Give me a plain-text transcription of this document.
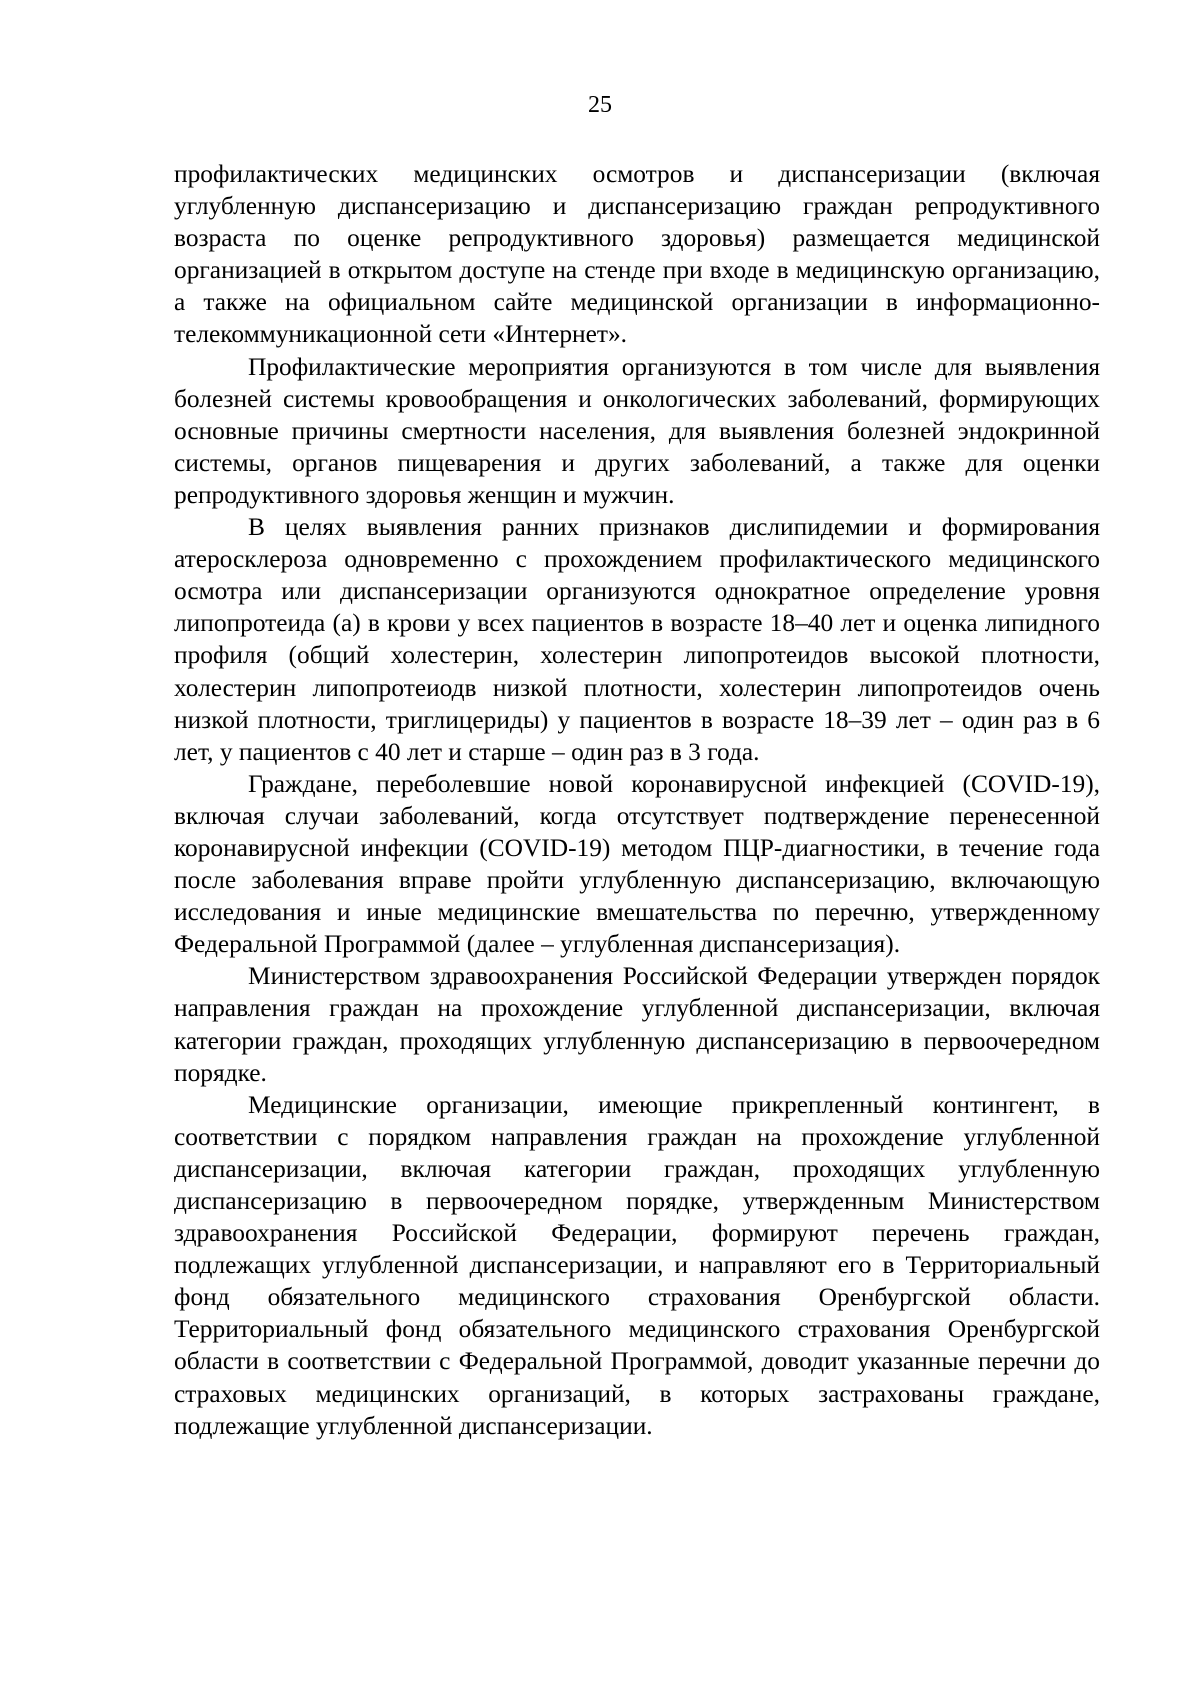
25

профилактических медицинских осмотров и диспансеризации (включая углубленную диспансеризацию и диспансеризацию граждан репродуктивного возраста по оценке репродуктивного здоровья) размещается медицинской организацией в открытом доступе на стенде при входе в медицинскую организацию, а также на официальном сайте медицинской организации в информационно-телекоммуникационной сети «Интернет».

Профилактические мероприятия организуются в том числе для выявления болезней системы кровообращения и онкологических заболеваний, формирующих основные причины смертности населения, для выявления болезней эндокринной системы, органов пищеварения и других заболеваний, а также для оценки репродуктивного здоровья женщин и мужчин.

В целях выявления ранних признаков дислипидемии и формирования атеросклероза одновременно с прохождением профилактического медицинского осмотра или диспансеризации организуются однократное определение уровня липопротеида (а) в крови у всех пациентов в возрасте 18–40 лет и оценка липидного профиля (общий холестерин, холестерин липопротеидов высокой плотности, холестерин липопротеиодв низкой плотности, холестерин липопротеидов очень низкой плотности, триглицериды) у пациентов в возрасте 18–39 лет – один раз в 6 лет, у пациентов с 40 лет и старше – один раз в 3 года.

Граждане, переболевшие новой коронавирусной инфекцией (COVID-19), включая случаи заболеваний, когда отсутствует подтверждение перенесенной коронавирусной инфекции (COVID-19) методом ПЦР-диагностики, в течение года после заболевания вправе пройти углубленную диспансеризацию, включающую исследования и иные медицинские вмешательства по перечню, утвержденному Федеральной Программой (далее – углубленная диспансеризация).

Министерством здравоохранения Российской Федерации утвержден порядок направления граждан на прохождение углубленной диспансеризации, включая категории граждан, проходящих углубленную диспансеризацию в первоочередном порядке.

Медицинские организации, имеющие прикрепленный контингент, в соответствии с порядком направления граждан на прохождение углубленной диспансеризации, включая категории граждан, проходящих углубленную диспансеризацию в первоочередном порядке, утвержденным Министерством здравоохранения Российской Федерации, формируют перечень граждан, подлежащих углубленной диспансеризации, и направляют его в Территориальный фонд обязательного медицинского страхования Оренбургской области. Территориальный фонд обязательного медицинского страхования Оренбургской области в соответствии с Федеральной Программой, доводит указанные перечни до страховых медицинских организаций, в которых застрахованы граждане, подлежащие углубленной диспансеризации.
